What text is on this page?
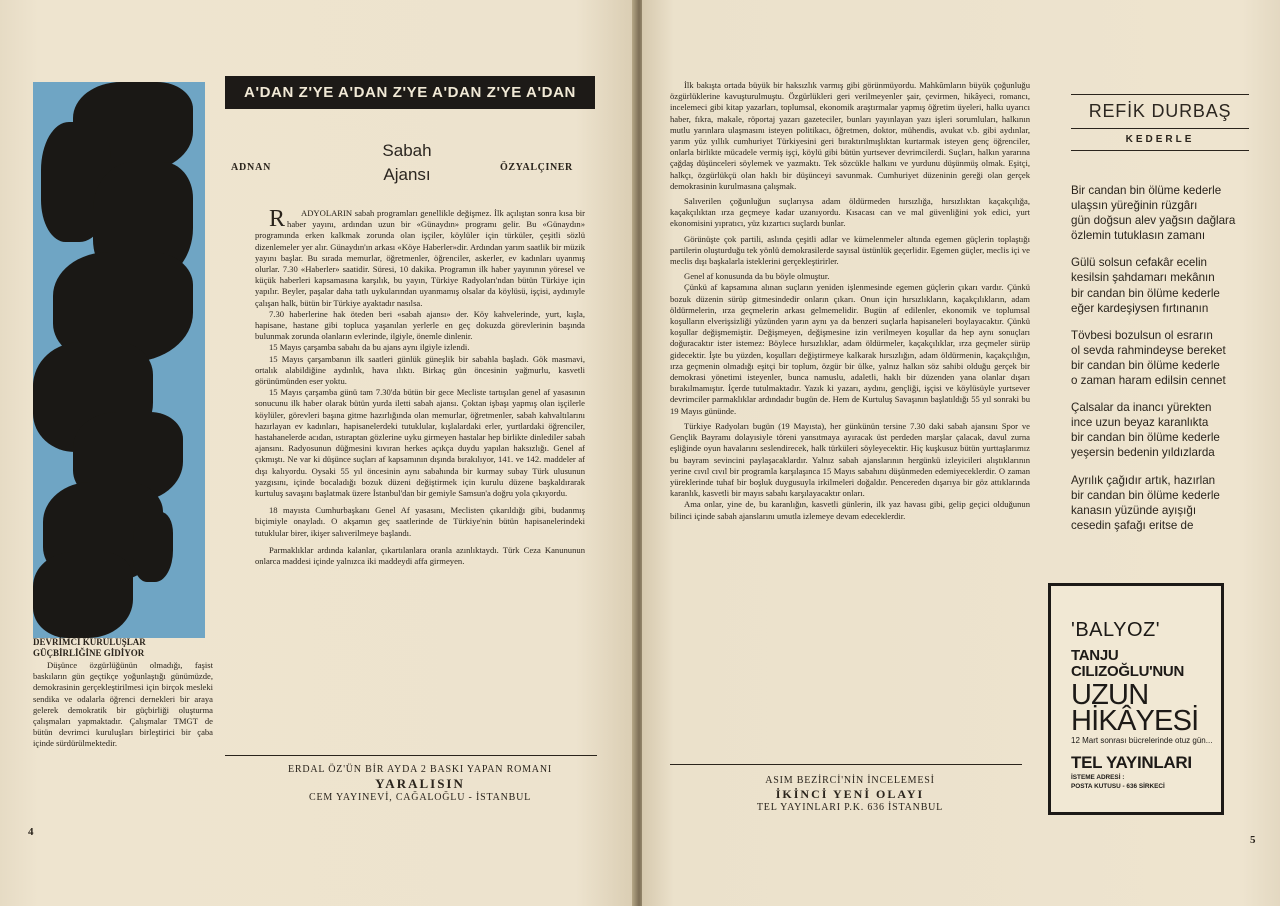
A'DAN Z'YE A'DAN Z'YE A'DAN Z'YE A'DAN
ADNAN
Sabah Ajansı	ÖZYALÇINER

R ADYOLARIN sabah programları genellikle değişmez. İlk açılıştan sonra kısa bir haber yayını, ardından uzun bir «Günaydın» programı gelir. Bu «Günaydın» programında erken kalkmak zorunda olan işçiler, köylüler için türküler, çeşitli sözlü dizenlemeler yer alır. Günaydın'ın arkası «Köye Haberler»dir. Ardından yarım saatlik bir müzik yayını başlar. Bu sırada memurlar, öğretmenler, öğrenciler, askerler, ev kadınları uyanmış olurlar. 7.30 «Haberler» saatidir. Süresi, 10 dakika. Programın ilk haber yayınının yöresel ve küçük haberleri kapsamasına karşılık, bu yayın, Türkiye Radyoları'ndan bütün Türkiye için yapılır. Beyler, paşalar daha tatlı uykularından uyanmamış olsalar da köylüsü, işçisi, aydınıyle çalışan halk, bütün bir Türkiye ayaktadır nasılsa.

7.30 haberlerine hak öteden beri «sabah ajansı» der. Köy kahvelerinde, yurt, kışla, hapisane, hastane gibi topluca yaşanılan yerlerle en geç dokuzda görevlerinin başında bulunmak zorunda olanların evlerinde, ilgiyle, önemle dinlenir.

15 Mayıs çarşamba sabahı da bu ajans aynı ilgiyle izlendi.

15 Mayıs çarşambanın ilk saatleri günlük güneşlik bir sabahla başladı. Gök masmavi, ortalık alabildiğine aydınlık, hava ılıktı. Birkaç gün öncesinin yağmurlu, kasvetli görünümünden eser yoktu.

15 Mayıs çarşamba günü tam 7.30'da bütün bir gece Mecliste tartışılan genel af yasasının sonucunu ilk haber olarak bütün yurda iletti sabah ajansı. Çoktan işbaşı yapmış olan işçilerle köylüler, görevleri başına gitme hazırlığında olan memurlar, öğretmenler, sabah kahvaltılarını hazırlayan ev kadınları, hapisanelerdeki tutuklular, kışlalardaki erler, yurtlardaki öğrenciler, hastahanelerde acıdan, ıstıraptan gözlerine uyku girmeyen hastalar hep birlikte dinlediler sabah ajansını. Radyosunun düğmesini kıvıran herkes açıkça duydu yapılan haksızlığı. Genel af çıkmıştı. Ne var ki düşünce suçları af kapsamının dışında bırakılıyor, 141. ve 142. maddeler af dışı kalıyordu. Oysaki 55 yıl öncesinin aynı sabahında bir kurmay subay Türk ulusunun yazgısını, içinde bocaladığı bozuk düzeni değiştirmek için kurulu düzene başkaldırarak kurtuluş savaşını başlatmak üzere İstanbul'dan bir gemiyle Samsun'a doğru yola çıkıyordu.

18 mayısta Cumhurbaşkanı Genel Af yasasını, Meclisten çıkarıldığı gibi, budanmış biçimiyle onayladı. O akşamın geç saatlerinde de Türkiye'nin bütün hapisanelerindeki tutuklular birer, ikişer salıverilmeye başlandı.

Parmaklıklar ardında kalanlar, çıkartılanlara oranla azınlıktaydı. Türk Ceza Kanununun onlarca maddesi içinde yalnızca iki maddeydi affa girmeyen.

DEVRİMCİ KURULUŞLAR GÜÇBİRLİĞİNE GİDİYOR

Düşünce özgürlüğünün olmadığı, faşist baskıların gün geçtikçe yoğunlaştığı günümüzde, demokrasinin gerçekleştirilmesi için birçok mesleki sendika ve odalarla öğrenci dernekleri bir araya gelerek demokratik bir güçbirliği oluşturma çalışmaları yapmaktadır. Çalışmalar TMGT de bütün devrimci kuruluşları birleştirici bir çaba içinde sürdürülmektedir.

ERDAL ÖZ'ÜN BİR AYDA 2 BASKI YAPAN ROMANI
YARALISIN
CEM YAYINEVİ, CAĞALOĞLU - İSTANBUL
4

İlk bakışta ortada büyük bir haksızlık varmış gibi görünmüyordu. Mahkûmların büyük çoğunluğu özgürlüklerine kavuşturulmuştu. Özgürlükleri geri verilmeyenler şair, çevirmen, hikâyeci, romancı, incelemeci gibi kitap yazarları, toplumsal, ekonomik araştırmalar yapmış öğretim üyeleri, halkı uyarıcı haber, fıkra, makale, röportaj yazarı gazeteciler, bunları yayınlayan yazı işleri sorumluları, halkının mutlu yarınlara ulaşmasını isteyen politikacı, öğretmen, doktor, mühendis, avukat v.b. gibi aydınlar, yarım yüz yıllık cumhuriyet Türkiyesini geri bıraktırılmışlıktan kurtarmak isteyen genç öğrenciler, onlarla birlikte mücadele vermiş işçi, köylü gibi bütün yurtsever devrimcilerdi. Suçları, halkın yararına çağdaş düşünceleri söylemek ve yazmaktı. Tek sözcükle halkını ve yurdunu düşünmüş olmak. Eşitçi, halkçı, özgürlükçü olan haklı bir düşünceyi savunmak. Cumhuriyet düzeninin gereği olan gerçek demokrasinin kurulmasına çalışmak.

Salıverilen çoğunluğun suçlarıysa adam öldürmeden hırsızlığa, hırsızlıktan kaçakçılığa, kaçakçılıktan ırza geçmeye kadar uzanıyordu. Kısacası can ve mal güvenliğini yok edici, yurt ekonomisini yıpratıcı, yüz kızartıcı suçlardı bunlar.

Görünüşte çok partili, aslında çeşitli adlar ve kümelenmeler altında egemen güçlerin toplaştığı partilerin oluşturduğu tek yönlü demokrasilerde sayısal üstünlük geçerlidir. Egemen güçler, meclis içi ve meclis dışı başkalarla isteklerini gerçekleştirirler.

Genel af konusunda da bu böyle olmuştur.

Çünkü af kapsamına alınan suçların yeniden işlenmesinde egemen güçlerin çıkarı vardır. Çünkü bozuk düzenin sürüp gitmesindedir onların çıkarı. Onun için hırsızlıkların, kaçakçılıkların, adam öldürmelerin, ırza geçmelerin arkası gelmemelidir. Bugün af edilenler, ekonomik ve toplumsal koşulların elverişsizliği yüzünden yarın aynı ya da benzeri suçlarla hapisaneleri boylayacaktır. Çünkü koşullar değişmemiştir. Değişmeyen, değişmesine izin verilmeyen koşullar da hep aynı sonuçları doğuracaktır ister istemez: Böylece hırsızlıklar, adam öldürmeler, kaçakçılıklar, ırza geçmeler sürüp gidecektir. İşte bu yüzden, koşulları değiştirmeye kalkarak hırsızlığın, adam öldürmenin, kaçakçılığın, ırza geçmenin olmadığı eşitçi bir toplum, özgür bir ülke, yalnız halkın söz sahibi olduğu gerçek bir demokrasi yönetimi isteyenler, bunca namuslu, adaletli, haklı bir düzenden yana olanlar dışarı bırakılmamıştır. İçerde tutulmaktadır. Yazık ki yazarı, aydını, gençliği, işçisi ve köylüsüyle yurtsever devrimciler parmaklıklar ardındadır bugün de. Hem de Kurtuluş Savaşının başlatıldığı 55 yıl sonraki bu 19 Mayıs gününde.

Türkiye Radyoları bugün (19 Mayısta), her günkünün tersine 7.30 daki sabah ajansını Spor ve Gençlik Bayramı dolayısiyle töreni yansıtmaya ayıracak üst perdeden marşlar çalacak, davul zurna eşliğinde oyun havalarını seslendirecek, halk türküleri söyleyecektir. Hiç kuşkusuz bütün yurttaşlarımız bu bayram sevincini paylaşacaklardır. Yalnız sabah ajanslarının hergünkü izleyicileri alıştıklarının yerine cıvıl cıvıl bir programla karşılaşınca 15 Mayıs sabahını düşünmeden edemiyeceklerdir. O zaman yüreklerinde tuhaf bir boşluk duygusuyla irkilmeleri doğaldır. Pencereden dışarıya bir göz attıklarında karanlık, kasvetli bir mayıs sabahı karşılayacaktır onları.

Ama onlar, yine de, bu karanlığın, kasvetli günlerin, ilk yaz havası gibi, gelip geçici olduğunun bilinci içinde sabah ajanslarını umutla izlemeye devam edeceklerdir.

ASIM BEZİRCİ'NİN İNCELEMESİ
İKİNCİ YENİ OLAYI
TEL YAYINLARI P.K. 636 İSTANBUL
REFİK DURBAŞ
KEDERLE
Bir candan bin ölüme kederle
ulaşsın yüreğinin rüzgârı
gün doğsun alev yağsın dağlara
özlemin tutuklasın zamanı
Gülü solsun cefakâr ecelin
kesilsin şahdamarı mekânın
bir candan bin ölüme kederle
eğer kardeşiysen fırtınanın
Tövbesi bozulsun ol esrarın
ol sevda rahmindeyse bereket
bir candan bin ölüme kederle
o zaman haram edilsin cennet
Çalsalar da inancı yürekten
ince uzun beyaz karanlıkta
bir candan bin ölüme kederle
yeşersin bedenin yıldızlarda
Ayrılık çağıdır artık, hazırlan
bir candan bin ölüme kederle
kanasın yüzünde ayışığı
cesedin şafağı eritse de
'BALYOZ'
TANJU CILIZOĞLU'NUN
UZUN
HİKÂYESİ
12 Mart sonrası bücrelerinde otuz gün...
TEL YAYINLARI
İSTEME ADRESİ :
POSTA KUTUSU - 636 SİRKECİ
5
